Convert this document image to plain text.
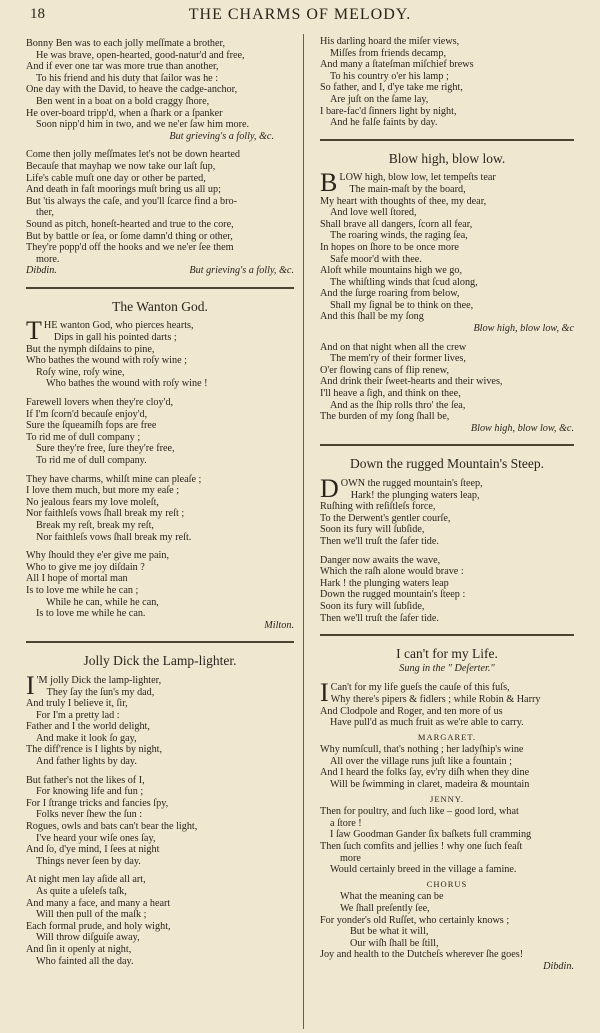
18	THE CHARMS OF MELODY.
Bonny Ben was to each jolly meſſmate a brother,
He was brave, open-hearted, good-natur'd and free,
And if ever one tar was more true than another,
To his friend and his duty that ſailor was he :
One day with the David, to heave the cadge-anchor,
Ben went in a boat on a bold craggy ſhore,
He over-board tripp'd, when a ſhark or a ſpanker
Soon nipp'd him in two, and we ne'er ſaw him more.
But grieving's a folly, &c.
Come then jolly meſſmates let's not be down hearted
Becauſe that mayhap we now take our laſt ſup,
Life's cable muſt one day or other be parted,
And death in faſt moorings muſt bring us all up;
But 'tis always the caſe, and you'll ſcarce find a bro-
ther,
Sound as pitch, honeſt-hearted and true to the core,
But by battle or ſea, or ſome damn'd thing or other,
They're popp'd off the hooks and we ne'er ſee them
more.
Dibdin.	But grieving's a folly, &c.
The Wanton God.
T HE wanton God, who pierces hearts,
Dips in gall his pointed darts ;
But the nymph diſdains to pine,
Who bathes the wound with roſy wine ;
Roſy wine, roſy wine,
Who bathes the wound with roſy wine !
Farewell lovers when they're cloy'd,
If I'm ſcorn'd becauſe enjoy'd,
Sure the ſqueamiſh fops are free
To rid me of dull company ;
Sure they're free, ſure they're free,
To rid me of dull company.
They have charms, whilſt mine can pleaſe ;
I love them much, but more my eaſe ;
No jealous fears my love moleſt,
Nor faithleſs vows ſhall break my reſt ;
Break my reſt, break my reſt,
Nor faithleſs vows ſhall break my reſt.
Why ſhould they e'er give me pain,
Who to give me joy diſdain ?
All I hope of mortal man
Is to love me while he can ;
While he can, while he can,
Is to love me while he can.
Milton.
Jolly Dick the Lamp-lighter.
I 'M jolly Dick the lamp-lighter,
They ſay the ſun's my dad,
And truly I believe it, ſir,
For I'm a pretty lad :
Father and I the world delight,
And make it look ſo gay,
The diff'rence is I lights by night,
And father lights by day.
But father's not the likes of I,
For knowing life and fun ;
For I ſtrange tricks and fancies ſpy,
Folks never ſhew the ſun :
Rogues, owls and bats can't bear the light,
I've heard your wiſe ones ſay,
And ſo, d'ye mind, I ſees at night
Things never ſeen by day.
At night men lay aſide all art,
As quite a uſeleſs taſk,
And many a face, and many a heart
Will then pull of the maſk ;
Each formal prude, and holy wight,
Will throw diſguiſe away,
And ſin it openly at night,
Who fainted all the day.
His darling hoard the miſer views,
Miſſes from friends decamp,
And many a ſtateſman miſchief brews
To his country o'er his lamp ;
So father, and I, d'ye take me right,
Are juſt on the ſame lay,
I bare-fac'd ſinners light by night,
And he falſe faints by day.
Blow high, blow low.
B LOW high, blow low, let tempeſts tear
The main-maſt by the board,
My heart with thoughts of thee, my dear,
And love well ſtored,
Shall brave all dangers, ſcorn all fear,
The roaring winds, the raging ſea,
In hopes on ſhore to be once more
Safe moor'd with thee.
Aloft while mountains high we go,
The whiſtling winds that ſcud along,
And the ſurge roaring from below,
Shall my ſignal be to think on thee,
And this ſhall be my ſong
Blow high, blow low, &c
And on that night when all the crew
The mem'ry of their former lives,
O'er flowing cans of flip renew,
And drink their ſweet-hearts and their wives,
I'll heave a ſigh, and think on thee,
And as the ſhip rolls thro' the ſea,
The burden of my ſong ſhall be,
Blow high, blow low, &c.
Down the rugged Mountain's Steep.
D OWN the rugged mountain's ſteep,
Hark! the plunging waters leap,
Ruſhing with reſiſtleſs force,
To the Derwent's gentler courſe,
Soon its fury will ſubſide,
Then we'll truſt the ſafer tide.
Danger now awaits the wave,
Which the raſh alone would brave :
Hark ! the plunging waters leap
Down the rugged mountain's ſteep :
Soon its fury will ſubſide,
Then we'll truſt the ſafer tide.
I can't for my Life.
Sung in the " Deſerter."
I Can't for my life gueſs the cauſe of this fuſs,
Why there's pipers & fidlers ; while Robin & Harry
And Clodpole and Roger, and ten more of us
Have pull'd as much fruit as we're able to carry.
MARGARET.
Why numſcull, that's nothing ; her ladyſhip's wine
All over the village runs juſt like a fountain ;
And I heard the folks ſay, ev'ry diſh when they dine
Will be ſwimming in claret, madeira & mountain
JENNY.
Then for poultry, and ſuch like – good lord, what
a ſtore !
I ſaw Goodman Gander ſix baſkets full cramming
Then ſuch comfits and jellies ! why one ſuch feaſt
more
Would certainly breed in the village a famine.
CHORUS
What the meaning can be
We ſhall preſently ſee,
For yonder's old Ruſſet, who certainly knows ;
But be what it will,
Our wiſh ſhall be ſtill,
Joy and health to the Dutcheſs wherever ſhe goes!
Dibdin.
